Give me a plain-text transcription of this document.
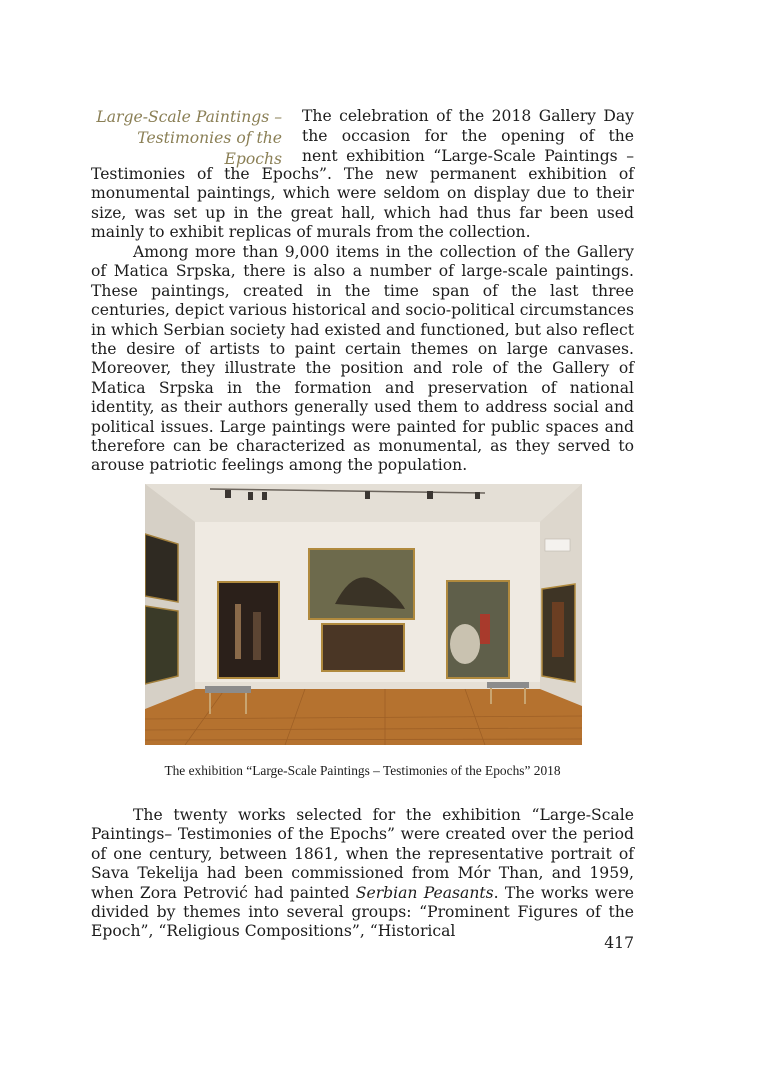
Large-Scale Paintings –
Testimonies of the Epochs
The celebration of the 2018 Gallery Day
the occasion for the opening of the
nent exhibition “Large-Scale Paintings –

Testimonies of the Epochs”. The new permanent exhibition of monumental paintings, which were seldom on display due to their size, was set up in the great hall, which had thus far been used mainly to exhibit replicas of murals from the collection.

Among more than 9,000 items in the collection of the Gallery of Matica Srpska, there is also a number of large-scale paintings. These paintings, created in the time span of the last three centuries, depict various historical and socio-political circumstances in which Serbian society had existed and functioned, but also reflect the desire of artists to paint certain themes on large canvases. Moreover, they illustrate the position and role of the Gallery of Matica Srpska in the formation and preservation of national identity, as their authors generally used them to address social and political issues. Large paintings were painted for public spaces and therefore can be characterized as monumental, as they served to arouse patriotic feelings among the population.

The exhibition “Large-Scale Paintings – Testimonies of the Epochs” 2018

The twenty works selected for the exhibition “Large-Scale Paintings– Testimonies of the Epochs” were created over the period of one century, between 1861, when the representative portrait of Sava Tekelija had been commissioned from Mór Than, and 1959, when Zora Petrović had painted Serbian Peasants. The works were divided by themes into several groups: “Prominent Figures of the Epoch”, “Religious Compositions”, “Historical

417
